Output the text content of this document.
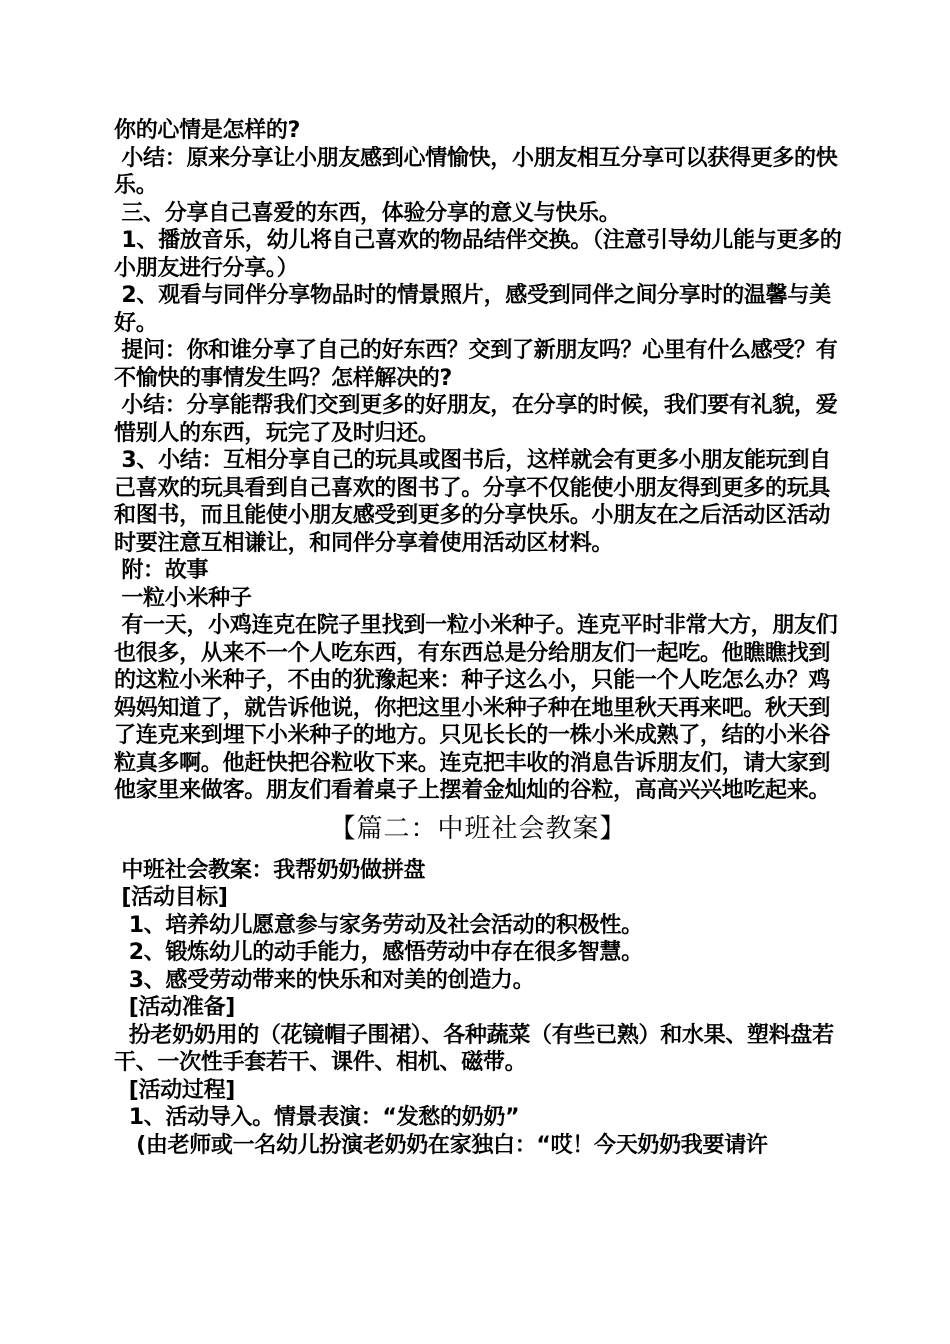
你的心情是怎样的?

小结：原来分享让小朋友感到心情愉快，小朋友相互分享可以获得更多的快乐。

三、分享自己喜爱的东西，体验分享的意义与快乐。

1、播放音乐，幼儿将自己喜欢的物品结伴交换。（注意引导幼儿能与更多的小朋友进行分享。）

2、观看与同伴分享物品时的情景照片，感受到同伴之间分享时的温馨与美好。

提问：你和谁分享了自己的好东西？交到了新朋友吗？心里有什么感受？有不愉快的事情发生吗？怎样解决的?

小结：分享能帮我们交到更多的好朋友，在分享的时候，我们要有礼貌，爱惜别人的东西，玩完了及时归还。

3、小结：互相分享自己的玩具或图书后，这样就会有更多小朋友能玩到自己喜欢的玩具看到自己喜欢的图书了。分享不仅能使小朋友得到更多的玩具和图书，而且能使小朋友感受到更多的分享快乐。小朋友在之后活动区活动时要注意互相谦让，和同伴分享着使用活动区材料。

附：故事

一粒小米种子

有一天，小鸡连克在院子里找到一粒小米种子。连克平时非常大方，朋友们也很多，从来不一个人吃东西，有东西总是分给朋友们一起吃。他瞧瞧找到的这粒小米种子，不由的犹豫起来：种子这么小，只能一个人吃怎么办？鸡妈妈知道了，就告诉他说，你把这里小米种子种在地里秋天再来吧。秋天到了连克来到埋下小米种子的地方。只见长长的一株小米成熟了，结的小米谷粒真多啊。他赶快把谷粒收下来。连克把丰收的消息告诉朋友们，请大家到他家里来做客。朋友们看着桌子上摆着金灿灿的谷粒，高高兴兴地吃起来。

【篇二：中班社会教案】

中班社会教案：我帮奶奶做拼盘

[活动目标]

1、培养幼儿愿意参与家务劳动及社会活动的积极性。

2、锻炼幼儿的动手能力，感悟劳动中存在很多智慧。

3、感受劳动带来的快乐和对美的创造力。

[活动准备]

扮老奶奶用的（花镜帽子围裙）、各种蔬菜（有些已熟）和水果、塑料盘若干、一次性手套若干、课件、相机、磁带。

[活动过程]

1、活动导入。情景表演：“发愁的奶奶”

(由老师或一名幼儿扮演老奶奶在家独白：“哎！今天奶奶我要请许
